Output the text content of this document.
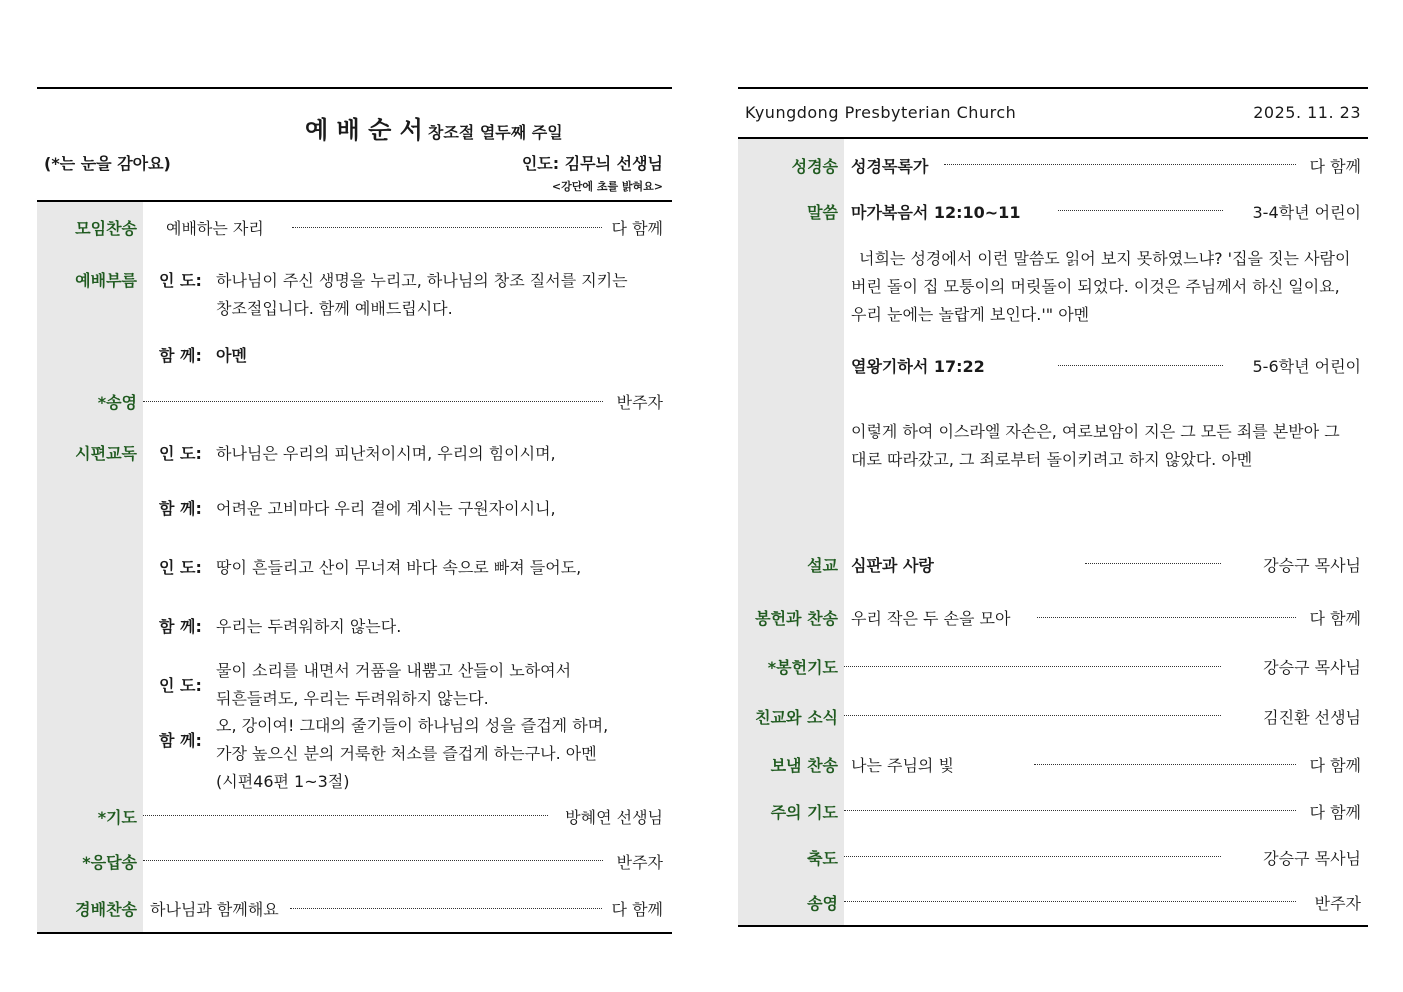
예 배 순 서 창조절 열두째 주일
(*는 눈을 감아요)	인도: 김무늬 선생님
<강단에 초를 밝혀요>
모임찬송 예배하는 자리	다 함께
예배부름 인 도: 하나님이 주신 생명을 누리고, 하나님의 창조 질서를 지키는
창조절입니다. 함께 예배드립시다.
함 께: 아멘
*송영	반주자
시편교독 인 도: 하나님은 우리의 피난처이시며, 우리의 힘이시며,
함 께: 어려운 고비마다 우리 곁에 계시는 구원자이시니,
인 도: 땅이 흔들리고 산이 무너져 바다 속으로 빠져 들어도,
함 께: 우리는 두려워하지 않는다.
인 도:
물이 소리를 내면서 거품을 내뿜고 산들이 노하여서
뒤흔들려도, 우리는 두려워하지 않는다.
함 께:
오, 강이여! 그대의 줄기들이 하나님의 성을 즐겁게 하며,
가장 높으신 분의 거룩한 처소를 즐겁게 하는구나. 아멘
(시편46편 1~3절)
*기도	방혜연 선생님
*응답송	반주자
경배찬송 하나님과 함께해요	다 함께
Kyungdong Presbyterian Church	2025. 11. 23
성경송 성경목록가	다 함께
말씀 마가복음서 12:10~11	3-4학년 어린이
너희는 성경에서 이런 말씀도 읽어 보지 못하였느냐? '집을 짓는 사람이 버린 돌이 집 모퉁이의 머릿돌이 되었다. 이것은 주님께서 하신 일이요, 우리 눈에는 놀랍게 보인다.'" 아멘
열왕기하서 17:22	5-6학년 어린이
이렇게 하여 이스라엘 자손은, 여로보암이 지은 그 모든 죄를 본받아 그대로 따라갔고, 그 죄로부터 돌이키려고 하지 않았다. 아멘
설교 심판과 사랑	강승구 목사님
봉헌과 찬송 우리 작은 두 손을 모아	다 함께
*봉헌기도	강승구 목사님
친교와 소식	김진환 선생님
보냄 찬송 나는 주님의 빛	다 함께
주의 기도	다 함께
축도	강승구 목사님
송영	반주자
